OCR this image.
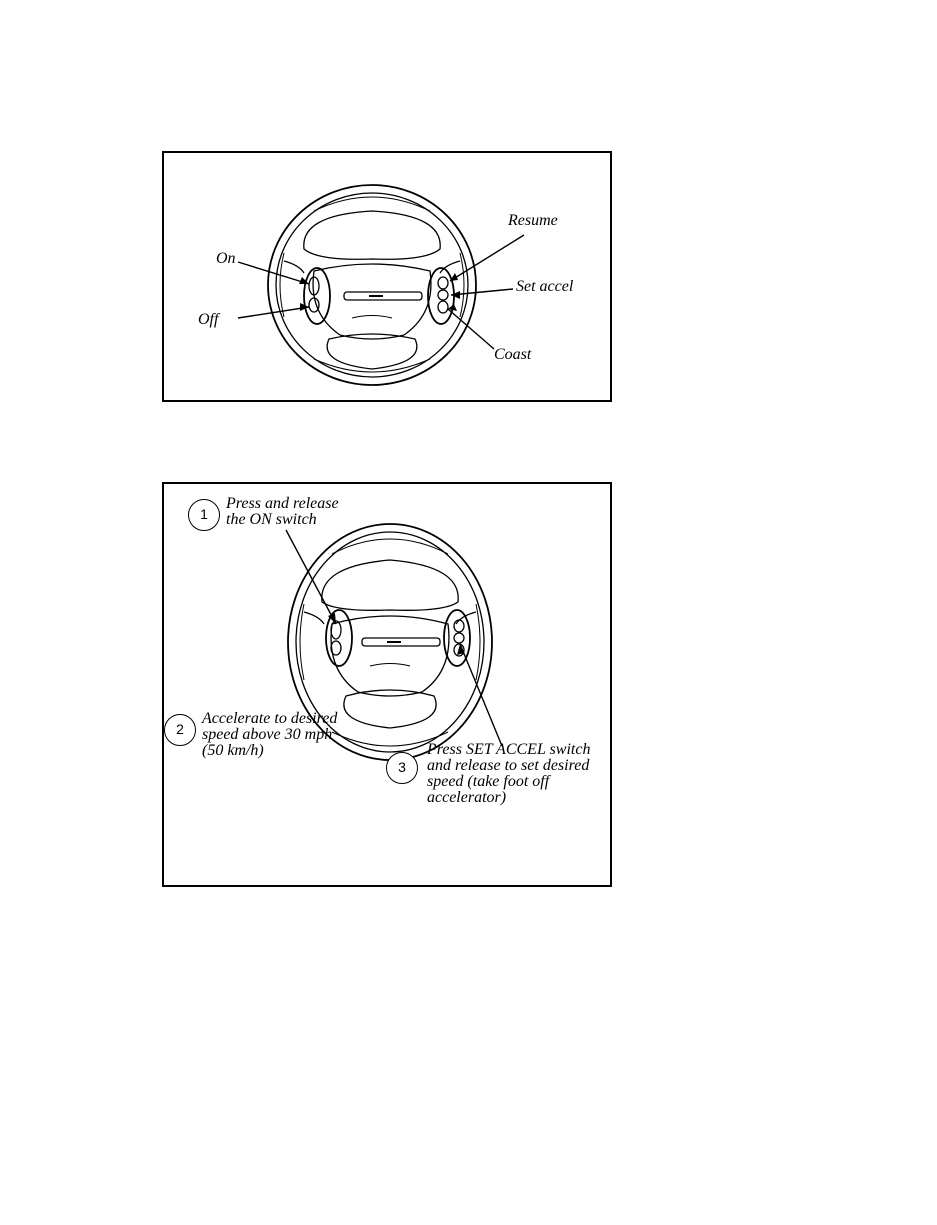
Resume
On
Set accel
Off
Coast
1
Press and release
the ON switch
2
Accelerate to desired
speed above 30 mph
(50 km/h)
3
Press SET ACCEL switch
and release to set desired
speed (take foot off
accelerator)
